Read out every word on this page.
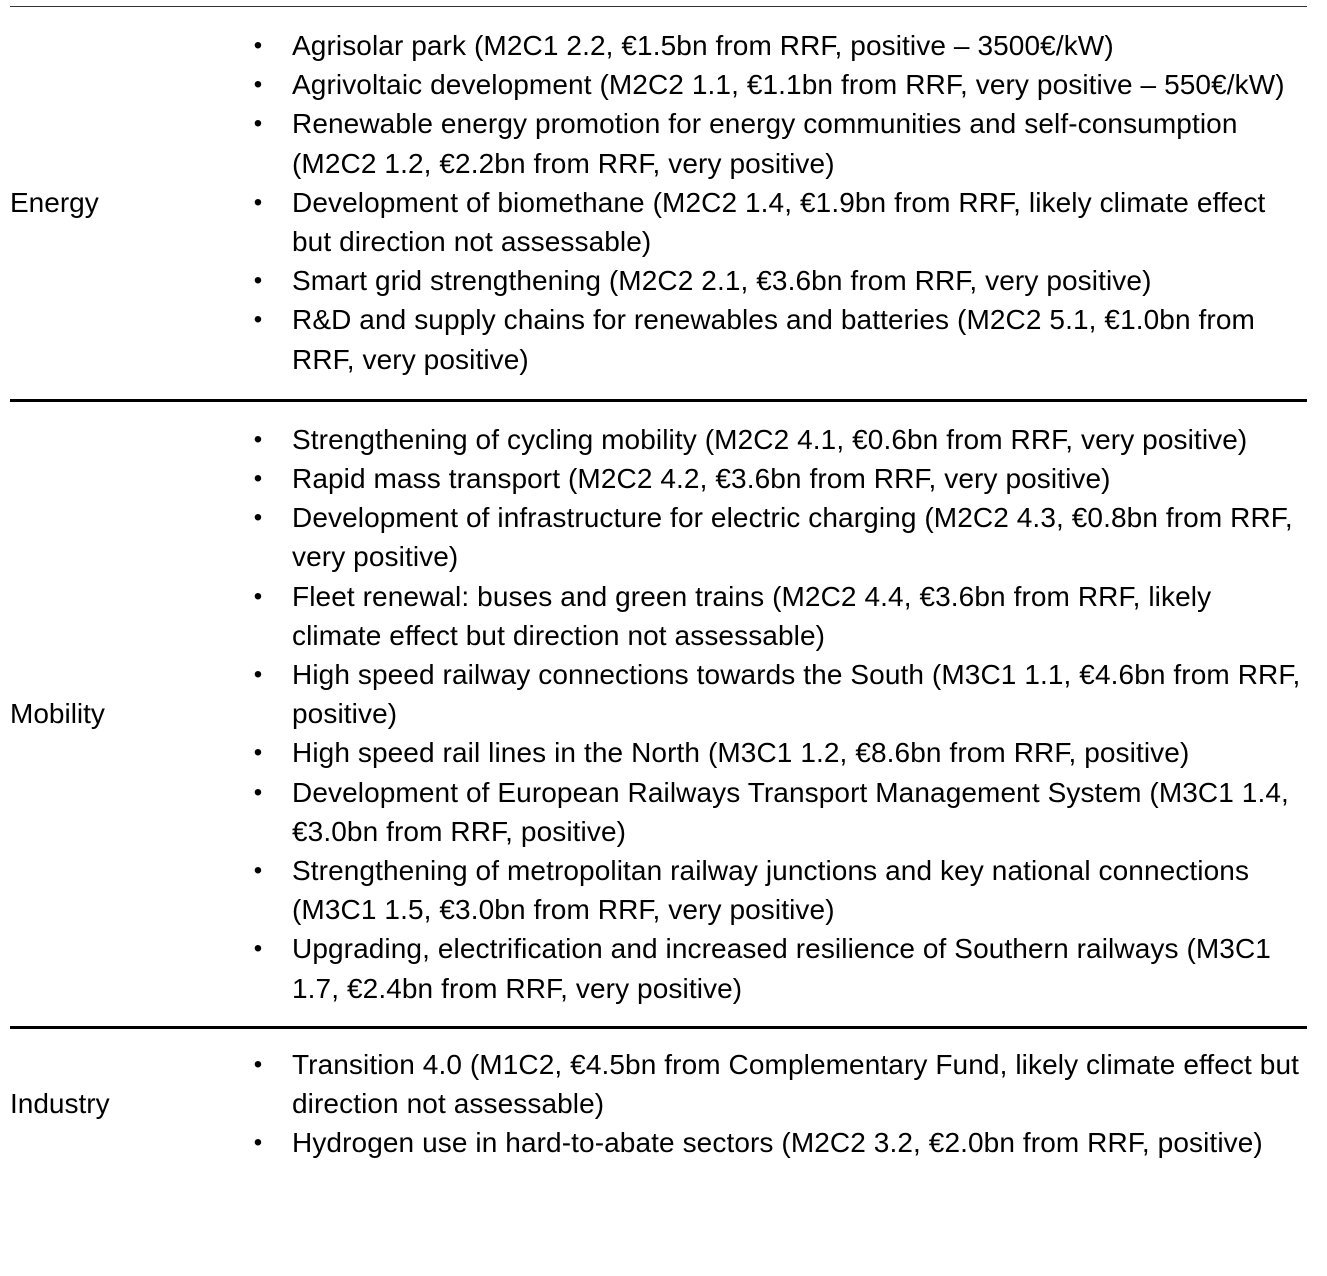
Energy
• Agrisolar park (M2C1 2.2, €1.5bn from RRF, positive – 3500€/kW)
• Agrivoltaic development (M2C2 1.1, €1.1bn from RRF, very positive – 550€/kW)
• Renewable energy promotion for energy communities and self-consumption (M2C2 1.2, €2.2bn from RRF, very positive)
• Development of biomethane (M2C2 1.4, €1.9bn from RRF, likely climate effect but direction not assessable)
• Smart grid strengthening (M2C2 2.1, €3.6bn from RRF, very positive)
• R&D and supply chains for renewables and batteries (M2C2 5.1, €1.0bn from RRF, very positive)
Mobility
• Strengthening of cycling mobility (M2C2 4.1, €0.6bn from RRF, very positive)
• Rapid mass transport (M2C2 4.2, €3.6bn from RRF, very positive)
• Development of infrastructure for electric charging (M2C2 4.3, €0.8bn from RRF, very positive)
• Fleet renewal: buses and green trains (M2C2 4.4, €3.6bn from RRF, likely climate effect but direction not assessable)
• High speed railway connections towards the South (M3C1 1.1, €4.6bn from RRF, positive)
• High speed rail lines in the North (M3C1 1.2, €8.6bn from RRF, positive)
• Development of European Railways Transport Management System (M3C1 1.4, €3.0bn from RRF, positive)
• Strengthening of metropolitan railway junctions and key national connections (M3C1 1.5, €3.0bn from RRF, very positive)
• Upgrading, electrification and increased resilience of Southern railways (M3C1 1.7, €2.4bn from RRF, very positive)
Industry
• Transition 4.0 (M1C2, €4.5bn from Complementary Fund, likely climate effect but direction not assessable)
• Hydrogen use in hard-to-abate sectors (M2C2 3.2, €2.0bn from RRF, positive)
